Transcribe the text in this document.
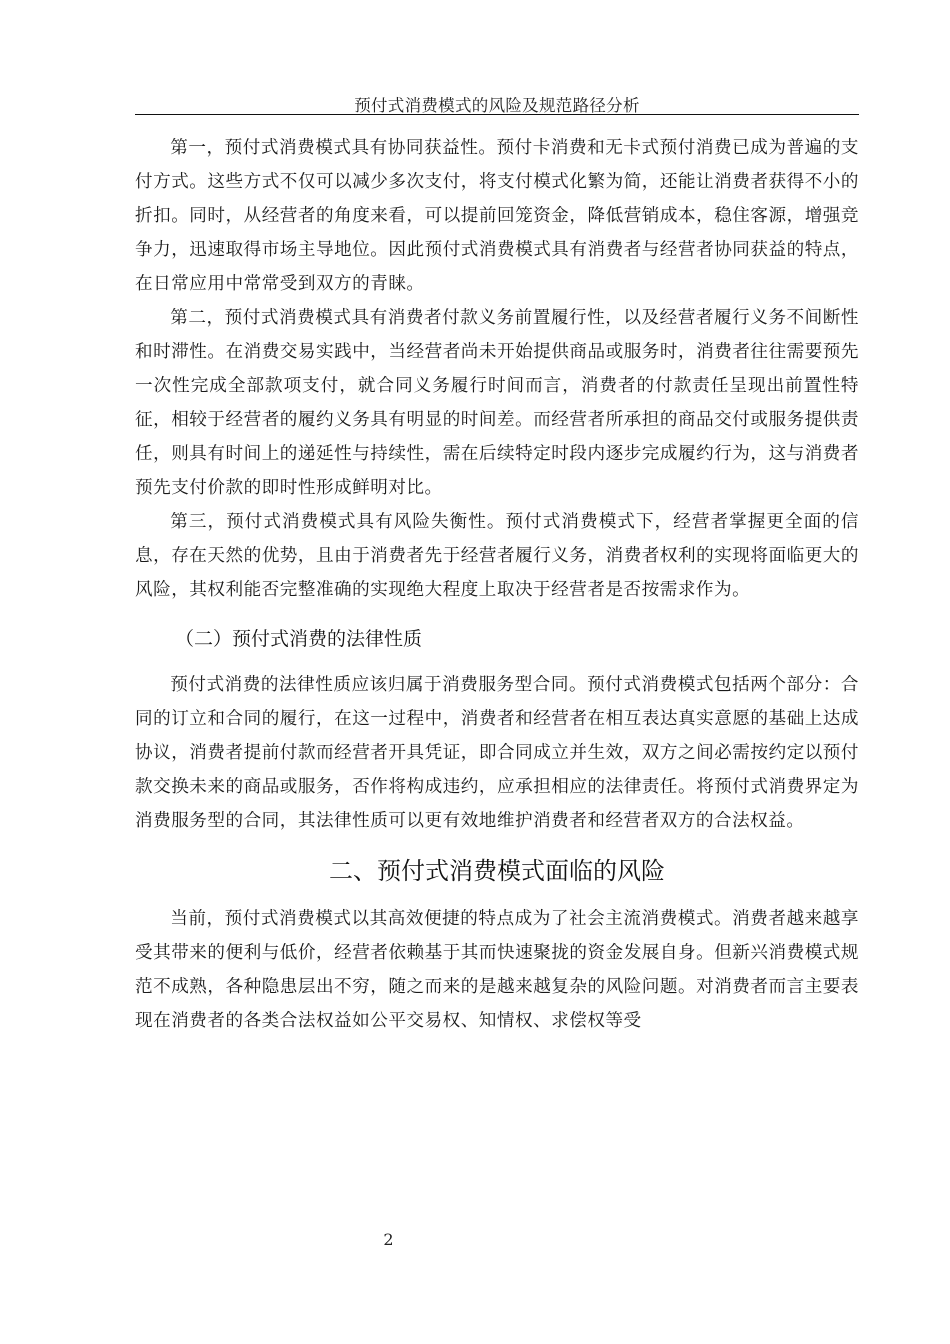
预付式消费模式的风险及规范路径分析

第一，预付式消费模式具有协同获益性。预付卡消费和无卡式预付消费已成为普遍的支付方式。这些方式不仅可以减少多次支付，将支付模式化繁为简，还能让消费者获得不小的折扣。同时，从经营者的角度来看，可以提前回笼资金，降低营销成本，稳住客源，增强竞争力，迅速取得市场主导地位。因此预付式消费模式具有消费者与经营者协同获益的特点，在日常应用中常常受到双方的青睐。

第二，预付式消费模式具有消费者付款义务前置履行性，以及经营者履行义务不间断性和时滞性。在消费交易实践中，当经营者尚未开始提供商品或服务时，消费者往往需要预先一次性完成全部款项支付，就合同义务履行时间而言，消费者的付款责任呈现出前置性特征，相较于经营者的履约义务具有明显的时间差。而经营者所承担的商品交付或服务提供责任，则具有时间上的递延性与持续性，需在后续特定时段内逐步完成履约行为，这与消费者预先支付价款的即时性形成鲜明对比。

第三，预付式消费模式具有风险失衡性。预付式消费模式下，经营者掌握更全面的信息，存在天然的优势，且由于消费者先于经营者履行义务，消费者权利的实现将面临更大的风险，其权利能否完整准确的实现绝大程度上取决于经营者是否按需求作为。

（二）预付式消费的法律性质

预付式消费的法律性质应该归属于消费服务型合同。预付式消费模式包括两个部分：合同的订立和合同的履行，在这一过程中，消费者和经营者在相互表达真实意愿的基础上达成协议，消费者提前付款而经营者开具凭证，即合同成立并生效，双方之间必需按约定以预付款交换未来的商品或服务，否作将构成违约，应承担相应的法律责任。将预付式消费界定为消费服务型的合同，其法律性质可以更有效地维护消费者和经营者双方的合法权益。

二、预付式消费模式面临的风险

当前，预付式消费模式以其高效便捷的特点成为了社会主流消费模式。消费者越来越享受其带来的便利与低价，经营者依赖基于其而快速聚拢的资金发展自身。但新兴消费模式规范不成熟，各种隐患层出不穷，随之而来的是越来越复杂的风险问题。对消费者而言主要表现在消费者的各类合法权益如公平交易权、知情权、求偿权等受

2
